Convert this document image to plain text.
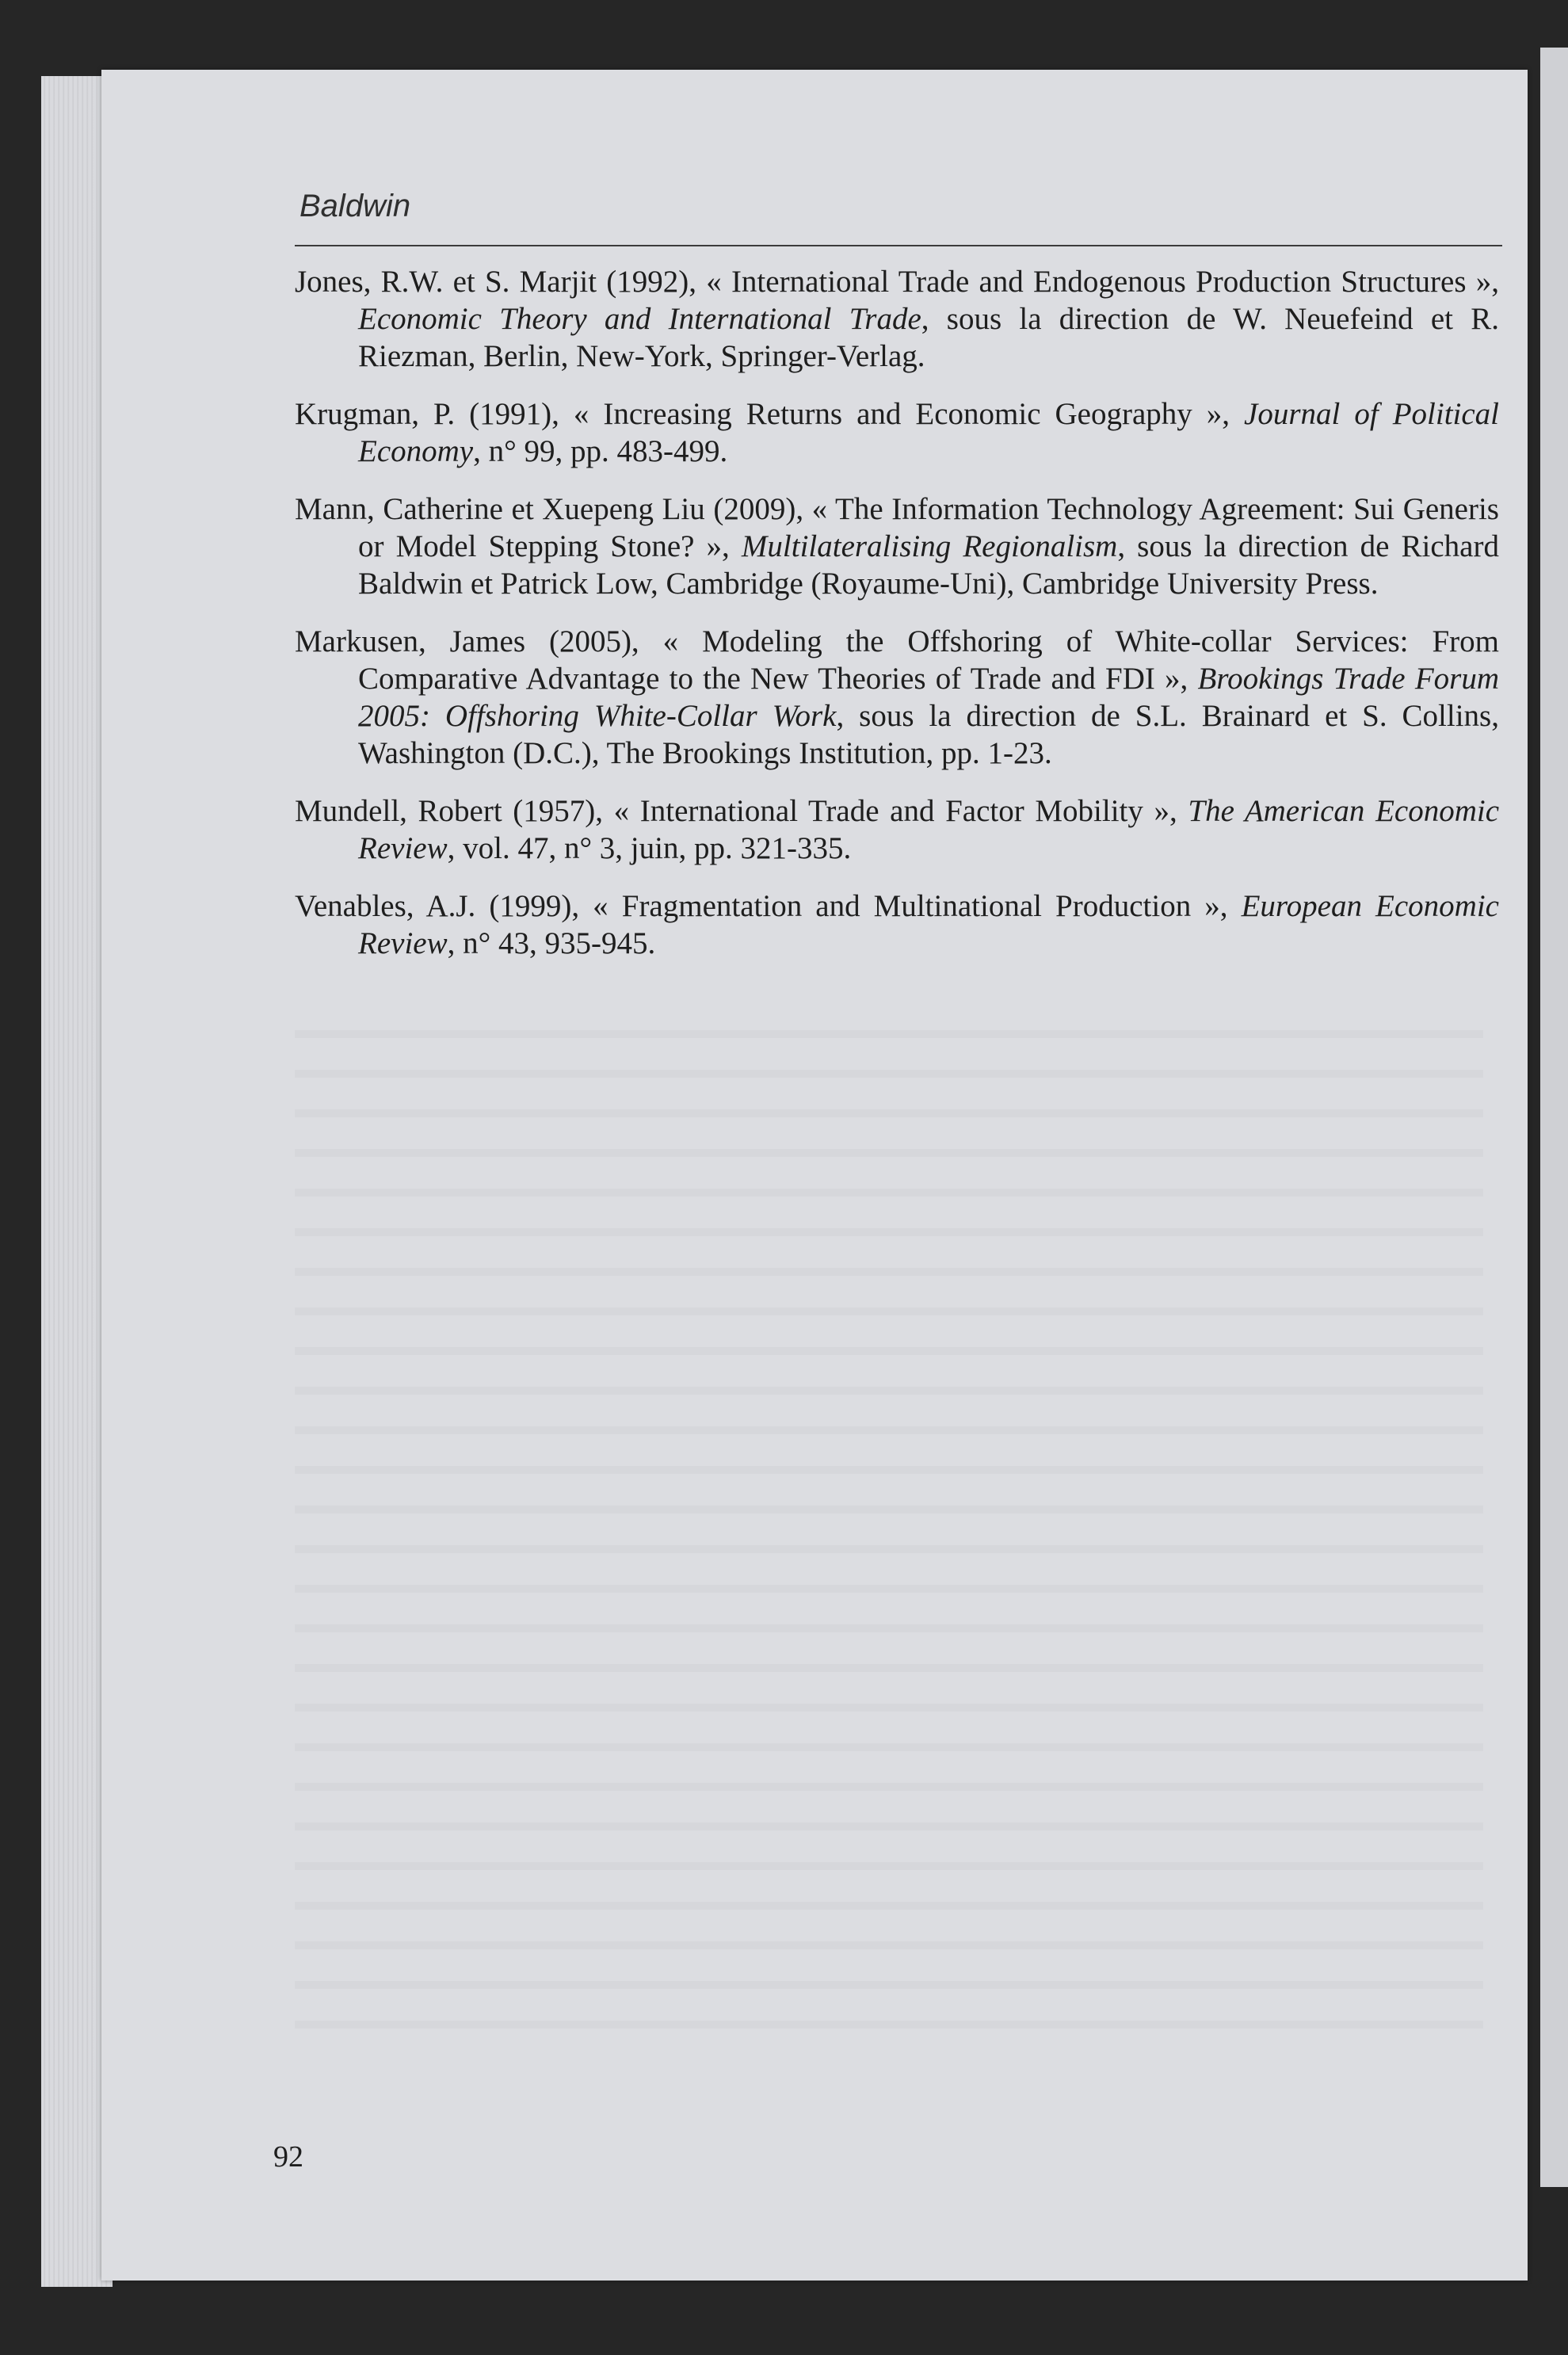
Baldwin

Jones, R.W. et S. Marjit (1992), « International Trade and Endogenous Production Structures », Economic Theory and International Trade, sous la direction de W. Neuefeind et R. Riezman, Berlin, New-York, Springer-Verlag.

Krugman, P. (1991), « Increasing Returns and Economic Geography », Journal of Political Economy, n° 99, pp. 483-499.

Mann, Catherine et Xuepeng Liu (2009), « The Information Technology Agreement: Sui Generis or Model Stepping Stone? », Multilateralising Regionalism, sous la direction de Richard Baldwin et Patrick Low, Cambridge (Royaume-Uni), Cambridge University Press.

Markusen, James (2005), « Modeling the Offshoring of White-collar Services: From Comparative Advantage to the New Theories of Trade and FDI », Brookings Trade Forum 2005: Offshoring White-Collar Work, sous la direction de S.L. Brainard et S. Collins, Washington (D.C.), The Brookings Institution, pp. 1-23.

Mundell, Robert (1957), « International Trade and Factor Mobility », The American Economic Review, vol. 47, n° 3, juin, pp. 321-335.

Venables, A.J. (1999), « Fragmentation and Multinational Production », European Economic Review, n° 43, 935-945.

92
